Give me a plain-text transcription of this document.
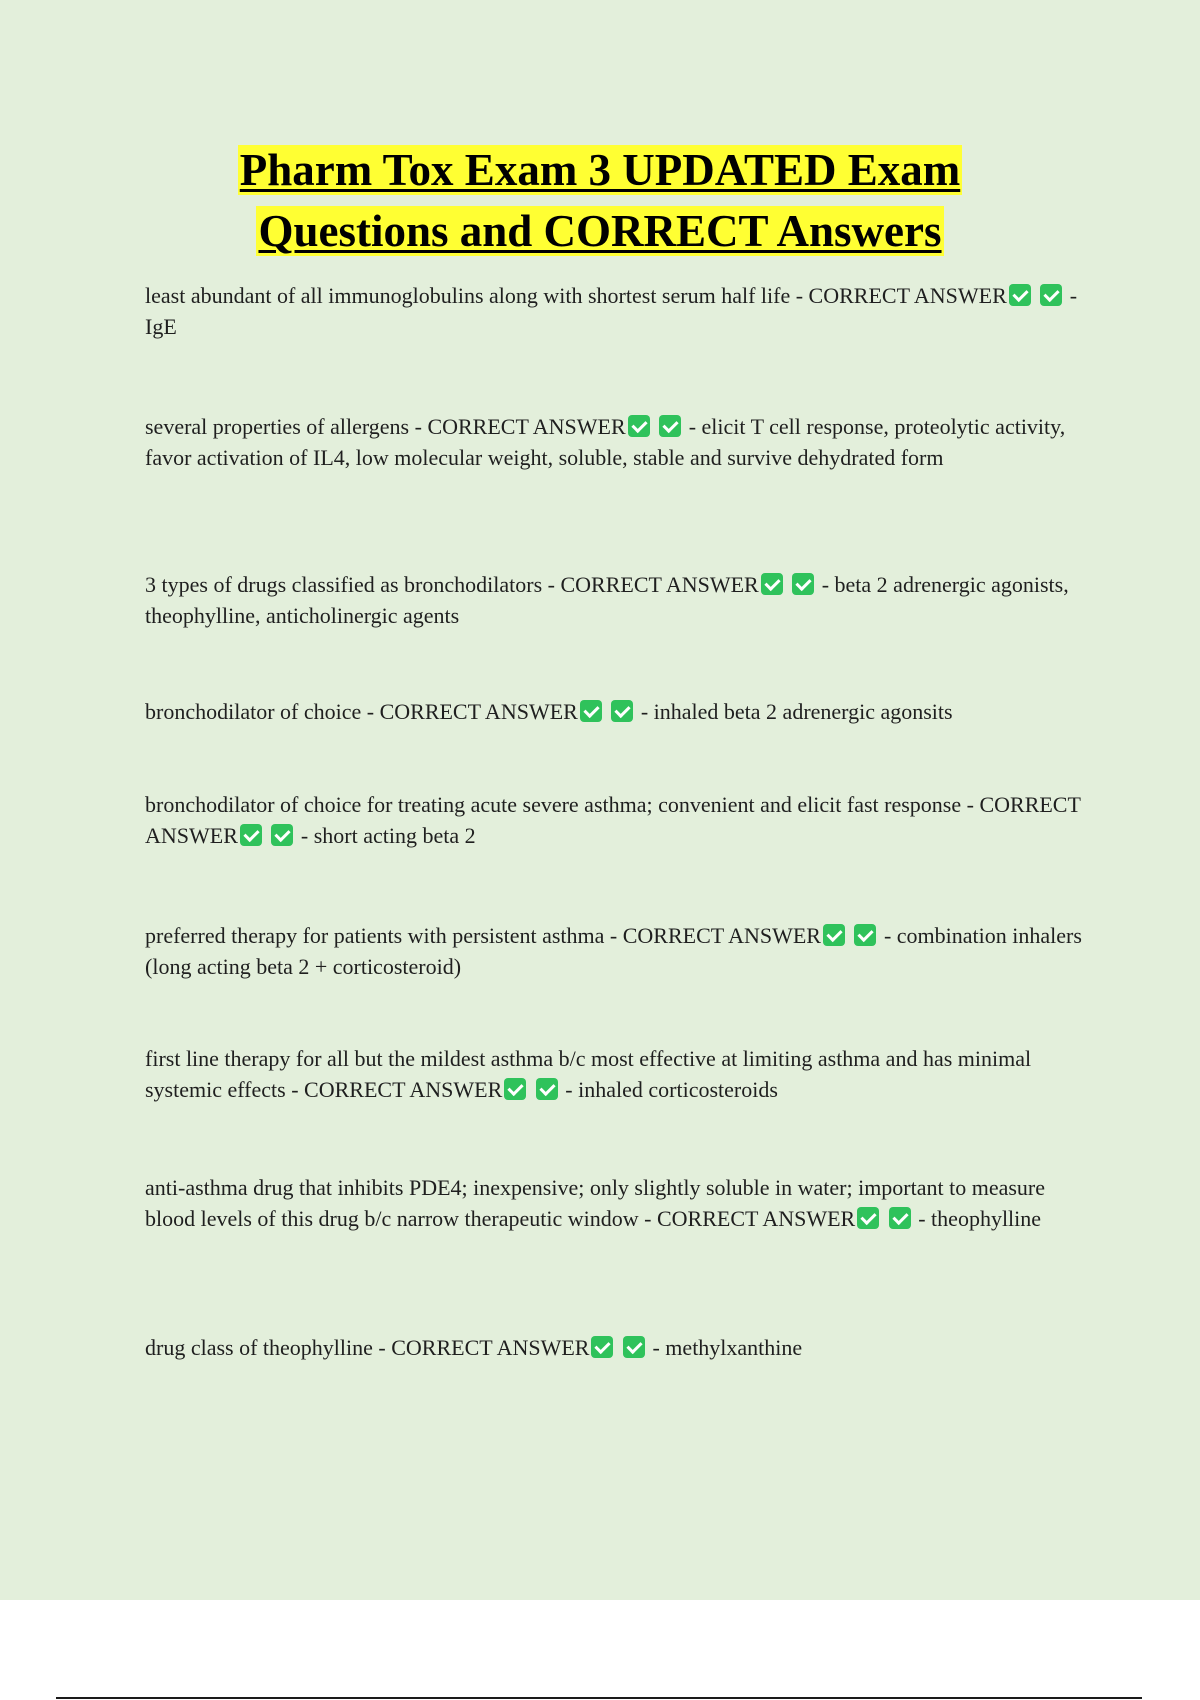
Pharm Tox Exam 3 UPDATED Exam
Questions and CORRECT Answers

least abundant of all immunoglobulins along with shortest serum half life - CORRECT ANSWER	- IgE

several properties of allergens - CORRECT ANSWER	- elicit T cell response, proteolytic activity, favor activation of IL4, low molecular weight, soluble, stable and survive dehydrated form

3 types of drugs classified as bronchodilators - CORRECT ANSWER	- beta 2 adrenergic agonists, theophylline, anticholinergic agents

bronchodilator of choice - CORRECT ANSWER	- inhaled beta 2 adrenergic agonsits

bronchodilator of choice for treating acute severe asthma; convenient and elicit fast response - CORRECT ANSWER	- short acting beta 2

preferred therapy for patients with persistent asthma - CORRECT ANSWER	- combination inhalers (long acting beta 2 + corticosteroid)

first line therapy for all but the mildest asthma b/c most effective at limiting asthma and has minimal systemic effects - CORRECT ANSWER	- inhaled corticosteroids

anti-asthma drug that inhibits PDE4; inexpensive; only slightly soluble in water; important to measure blood levels of this drug b/c narrow therapeutic window - CORRECT ANSWER	- theophylline

drug class of theophylline - CORRECT ANSWER	- methylxanthine
